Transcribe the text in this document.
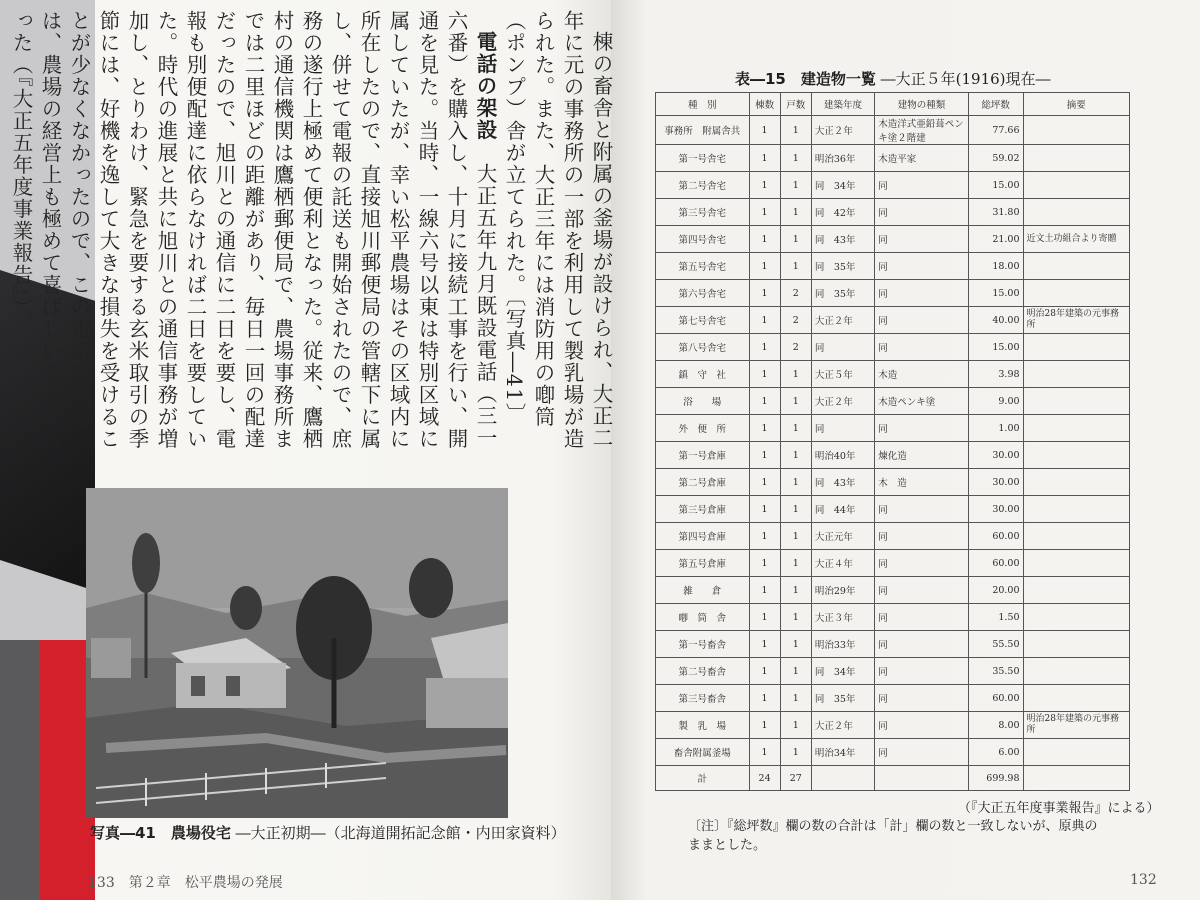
棟の畜舎と附属の釜場が設けられ、大正二年に元の事務所の一部を利用して製乳場が造られた。また、大正三年には消防用の喞筒（ポンプ）舎が立てられた。〔写真―41〕

電話の架設　大正五年九月既設電話（三一六番）を購入し、十月に接続工事を行い、開通を見た。当時、一線六号以東は特別区域に属していたが、幸い松平農場はその区域内に所在したので、直接旭川郵便局の管轄下に属し、併せて電報の託送も開始されたので、庶務の遂行上極めて便利となった。従来、鷹栖村の通信機関は鷹栖郵便局で、農場事務所までは二里ほどの距離があり、毎日一回の配達だったので、旭川との通信に二日を要し、電報も別便配達に依らなければ二日を要していた。時代の進展と共に旭川との通信事務が増加し、とりわけ、緊急を要する玄米取引の季節には、好機を逸して大きな損失を受けることが少なくなかったので、この電話の開通は、農場の経営上も極めて喜ばしいことであった（『大正五年度事業報告』）。

写真―41　農場役宅 ―大正初期―（北海道開拓記念館・内田家資料）
133　第２章　松平農場の発展
表―15　建造物一覧 ―大正５年(1916)現在―
種　別	棟数	戸数	建築年度	建物の種類	総坪数	摘要
事務所　附属舎共	1	1	大正２年	木造洋式亜鉛葺ペンキ塗２階建	77.66	
第一号舎宅	1	1	明治36年	木造平家	59.02	
第二号舎宅	1	1	同　34年	同	15.00	
第三号舎宅	1	1	同　42年	同	31.80	
第四号舎宅	1	1	同　43年	同	21.00	近文土功組合より寄贈
第五号舎宅	1	1	同　35年	同	18.00	
第六号舎宅	1	2	同　35年	同	15.00	
第七号舎宅	1	2	大正２年	同	40.00	明治28年建築の元事務所
第八号舎宅	1	2	同	同	15.00	
鎮　守　社	1	1	大正５年	木造	3.98	
浴　　場	1	1	大正２年	木造ペンキ塗	9.00	
外　便　所	1	1	同	同	1.00	
第一号倉庫	1	1	明治40年	煉化造	30.00	
第二号倉庫	1	1	同　43年	木　造	30.00	
第三号倉庫	1	1	同　44年	同	30.00	
第四号倉庫	1	1	大正元年	同	60.00	
第五号倉庫	1	1	大正４年	同	60.00	
雑　　倉	1	1	明治29年	同	20.00	
喞　筒　舎	1	1	大正３年	同	1.50	
第一号畜舎	1	1	明治33年	同	55.50	
第二号畜舎	1	1	同　34年	同	35.50	
第三号畜舎	1	1	同　35年	同	60.00	
製　乳　場	1	1	大正２年	同	8.00	明治28年建築の元事務所
畜舎附属釜場	1	1	明治34年	同	6.00	
計	24	27			699.98	
（『大正五年度事業報告』による）
〔注〕『総坪数』欄の数の合計は「計」欄の数と一致しないが、原典のままとした。
132
